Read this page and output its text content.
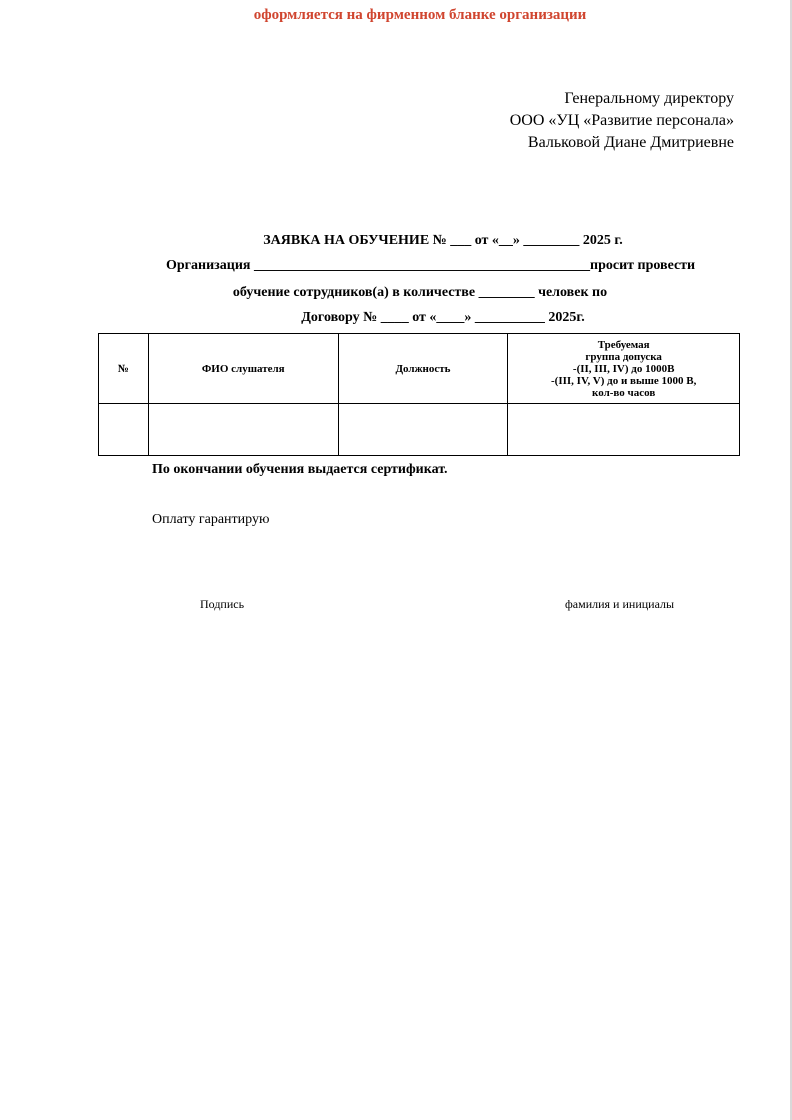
оформляется на фирменном бланке организации
Генеральному директору
ООО «УЦ «Развитие персонала»
Вальковой Диане Дмитриевне
ЗАЯВКА НА ОБУЧЕНИЕ № ___ от «__» ________ 2025 г.
Организация ________________________________________________просит провести
обучение сотрудников(а) в количестве ________ человек по
Договору № ____ от «____» __________ 2025г.
№	ФИО слушателя	Должность	Требуемая
группа допуска
-(II, III, IV) до 1000В
-(III, IV, V) до и выше 1000 В,
кол-во часов

По окончании обучения выдается сертификат.
Оплату гарантирую
Подпись	фамилия и инициалы
